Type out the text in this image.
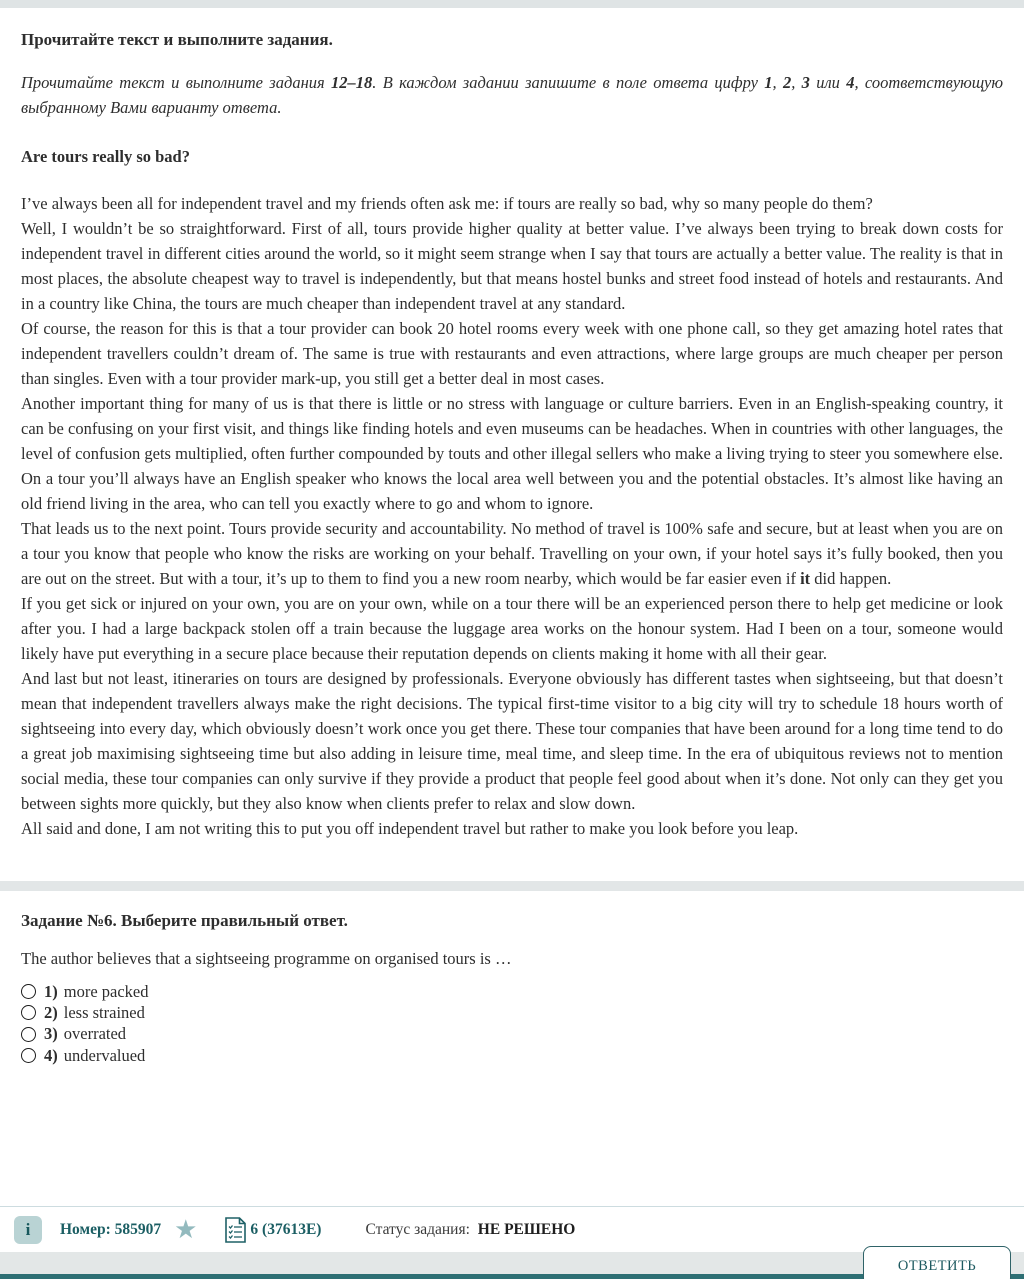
Прочитайте текст и выполните задания.
Прочитайте текст и выполните задания 12–18. В каждом задании запишите в поле ответа цифру 1, 2, 3 или 4, соответствующую выбранному Вами варианту ответа.
Are tours really so bad?

I’ve always been all for independent travel and my friends often ask me: if tours are really so bad, why so many people do them?

Well, I wouldn’t be so straightforward. First of all, tours provide higher quality at better value. I’ve always been trying to break down costs for independent travel in different cities around the world, so it might seem strange when I say that tours are actually a better value. The reality is that in most places, the absolute cheapest way to travel is independently, but that means hostel bunks and street food instead of hotels and restaurants. And in a country like China, the tours are much cheaper than independent travel at any standard.

Of course, the reason for this is that a tour provider can book 20 hotel rooms every week with one phone call, so they get amazing hotel rates that independent travellers couldn’t dream of. The same is true with restaurants and even attractions, where large groups are much cheaper per person than singles. Even with a tour provider mark-up, you still get a better deal in most cases.

Another important thing for many of us is that there is little or no stress with language or culture barriers. Even in an English-speaking country, it can be confusing on your first visit, and things like finding hotels and even museums can be headaches. When in countries with other languages, the level of confusion gets multiplied, often further compounded by touts and other illegal sellers who make a living trying to steer you somewhere else. On a tour you’ll always have an English speaker who knows the local area well between you and the potential obstacles. It’s almost like having an old friend living in the area, who can tell you exactly where to go and whom to ignore.

That leads us to the next point. Tours provide security and accountability. No method of travel is 100% safe and secure, but at least when you are on a tour you know that people who know the risks are working on your behalf. Travelling on your own, if your hotel says it’s fully booked, then you are out on the street. But with a tour, it’s up to them to find you a new room nearby, which would be far easier even if it did happen.

If you get sick or injured on your own, you are on your own, while on a tour there will be an experienced person there to help get medicine or look after you. I had a large backpack stolen off a train because the luggage area works on the honour system. Had I been on a tour, someone would likely have put everything in a secure place because their reputation depends on clients making it home with all their gear.

And last but not least, itineraries on tours are designed by professionals. Everyone obviously has different tastes when sightseeing, but that doesn’t mean that independent travellers always make the right decisions. The typical first-time visitor to a big city will try to schedule 18 hours worth of sightseeing into every day, which obviously doesn’t work once you get there. These tour companies that have been around for a long time tend to do a great job maximising sightseeing time but also adding in leisure time, meal time, and sleep time. In the era of ubiquitous reviews not to mention social media, these tour companies can only survive if they provide a product that people feel good about when it’s done. Not only can they get you between sights more quickly, but they also know when clients prefer to relax and slow down.

All said and done, I am not writing this to put you off independent travel but rather to make you look before you leap.

Задание №6. Выберите правильный ответ.
The author believes that a sightseeing programme on organised tours is …
1) more packed
2) less strained
3) overrated
4) undervalued
i	Номер: 585907 ★	6 (37613E)	Статус задания: НЕ РЕШЕНО
ОТВЕТИТЬ
